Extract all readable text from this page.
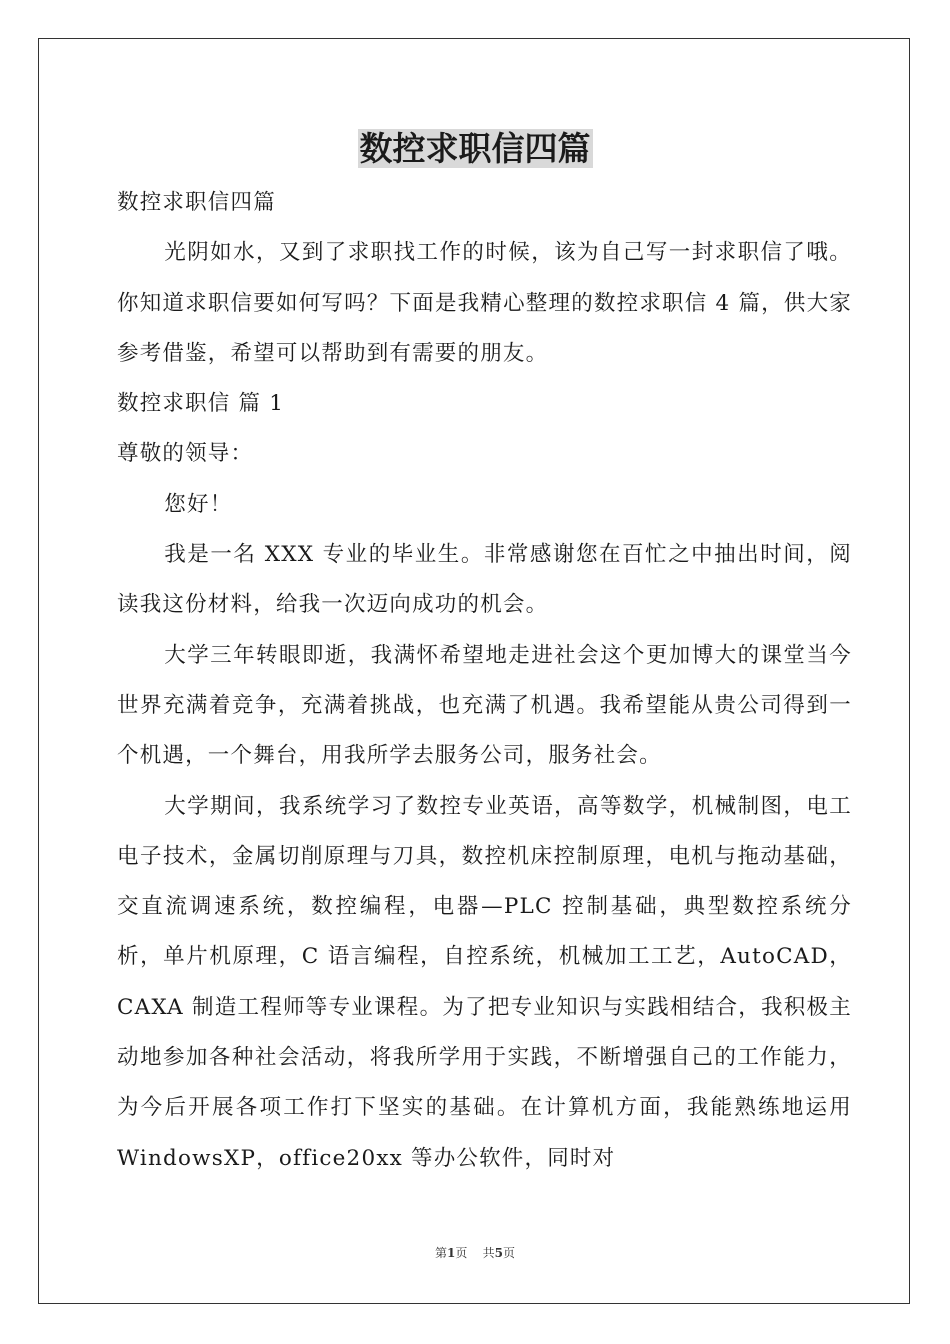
数控求职信四篇

数控求职信四篇

光阴如水，又到了求职找工作的时候，该为自己写一封求职信了哦。你知道求职信要如何写吗？下面是我精心整理的数控求职信 4 篇，供大家参考借鉴，希望可以帮助到有需要的朋友。

数控求职信 篇 1

尊敬的领导：

您好！

我是一名 XXX 专业的毕业生。非常感谢您在百忙之中抽出时间，阅读我这份材料，给我一次迈向成功的机会。

大学三年转眼即逝，我满怀希望地走进社会这个更加博大的课堂当今世界充满着竞争，充满着挑战，也充满了机遇。我希望能从贵公司得到一个机遇，一个舞台，用我所学去服务公司，服务社会。

大学期间，我系统学习了数控专业英语，高等数学，机械制图，电工电子技术，金属切削原理与刀具，数控机床控制原理，电机与拖动基础，交直流调速系统，数控编程，电器—PLC 控制基础，典型数控系统分析，单片机原理，C 语言编程，自控系统，机械加工工艺，AutoCAD，CAXA 制造工程师等专业课程。为了把专业知识与实践相结合，我积极主动地参加各种社会活动，将我所学用于实践，不断增强自己的工作能力，为今后开展各项工作打下坚实的基础。在计算机方面，我能熟练地运用 WindowsXP，office20xx 等办公软件，同时对

第1页    共5页
